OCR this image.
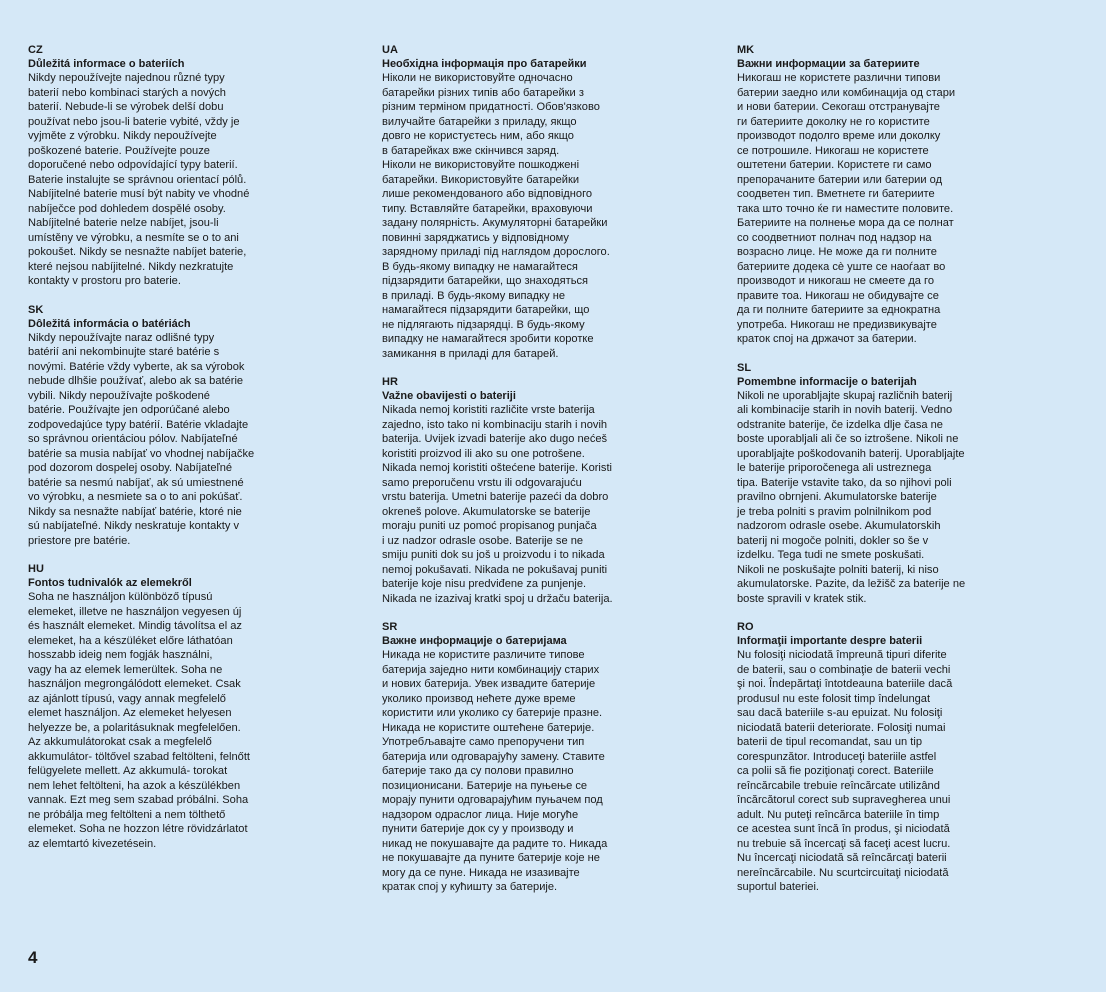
CZ

Důležitá informace o bateriích

Nikdy nepoužívejte najednou různé typy
baterií nebo kombinaci starých a nových
baterií. Nebude-li se výrobek delší dobu
používat nebo jsou-li baterie vybité, vždy je
vyjměte z výrobku. Nikdy nepoužívejte
poškozené baterie. Používejte pouze
doporučené nebo odpovídající typy baterií.
Baterie instalujte se správnou orientací pólů.
Nabíjitelné baterie musí být nabity ve vhodné
nabíječce pod dohledem dospělé osoby.
Nabíjitelné baterie nelze nabíjet, jsou-li
umístěny ve výrobku, a nesmíte se o to ani
pokoušet. Nikdy se nesnažte nabíjet baterie,
které nejsou nabíjitelné. Nikdy nezkratujte
kontakty v prostoru pro baterie.

SK

Dôležitá informácia o batériách

Nikdy nepoužívajte naraz odlišné typy
batérií ani nekombinujte staré batérie s
novými. Batérie vždy vyberte, ak sa výrobok
nebude dlhšie používať, alebo ak sa batérie
vybili. Nikdy nepoužívajte poškodené
batérie. Používajte jen odporúčané alebo
zodpovedajúce typy batérií. Batérie vkladajte
so správnou orientáciou pólov. Nabíjateľné
batérie sa musia nabíjať vo vhodnej nabíjačke
pod dozorom dospelej osoby. Nabíjateľné
batérie sa nesmú nabíjať, ak sú umiestnené
vo výrobku, a nesmiete sa o to ani pokúšať.
Nikdy sa nesnažte nabíjať batérie, ktoré nie
sú nabíjateľné. Nikdy neskratuje kontakty v
priestore pre batérie.

HU

Fontos tudnivalók az elemekről

Soha ne használjon különböző típusú
elemeket, illetve ne használjon vegyesen új
és használt elemeket. Mindig távolítsa el az
elemeket, ha a készüléket előre láthatóan
hosszabb ideig nem fogják használni,
vagy ha az elemek lemerültek. Soha ne
használjon megrongálódott elemeket. Csak
az ajánlott típusú, vagy annak megfelelő
elemet használjon. Az elemeket helyesen
helyezze be, a polaritásuknak megfelelően.
Az akkumulátorokat csak a megfelelő
akkumulátor- töltővel szabad feltölteni, felnőtt
felügyelete mellett. Az akkumulá- torokat
nem lehet feltölteni, ha azok a készülékben
vannak. Ezt meg sem szabad próbálni. Soha
ne próbálja meg feltölteni a nem tölthető
elemeket. Soha ne hozzon létre rövidzárlatot
az elemtartó kivezetésein.

UA

Необхідна інформація про батарейки

Ніколи не використовуйте одночасно
батарейки різних типів або батарейки з
різним терміном придатності. Обов'язково
вилучайте батарейки з приладу, якщо
довго не користуєтесь ним, або якщо
в батарейках вже скінчився заряд.
Ніколи не використовуйте пошкоджені
батарейки. Використовуйте батарейки
лише рекомендованого або відповідного
типу. Вставляйте батарейки, враховуючи
задану полярність. Акумуляторні батарейки
повинні заряджатись у відповідному
зарядному приладі під наглядом дорослого.
В будь-якому випадку не намагайтеся
підзарядити батарейки, що знаходяться
в приладі. В будь-якому випадку не
намагайтеся підзарядити батарейки, що
не підлягають підзарядці. В будь-якому
випадку не намагайтеся зробити коротке
замикання в приладі для батарей.

HR

Važne obavijesti o bateriji

Nikada nemoj koristiti različite vrste baterija
zajedno, isto tako ni kombinaciju starih i novih
baterija. Uvijek izvadi baterije ako dugo nećeš
koristiti proizvod ili ako su one potrošene.
Nikada nemoj koristiti oštećene baterije. Koristi
samo preporučenu vrstu ili odgovarajuću
vrstu baterija. Umetni baterije pazeći da dobro
okreneš polove. Akumulatorske se baterije
moraju puniti uz pomoć propisanog punjača
i uz nadzor odrasle osobe. Baterije se ne
smiju puniti dok su još u proizvodu i to nikada
nemoj pokušavati. Nikada ne pokušavaj puniti
baterije koje nisu predviđene za punjenje.
Nikada ne izazivaj kratki spoj u držaču baterija.

SR

Важне информације о батеријама

Никада не користите различите типове
батерија заједно нити комбинацију старих
и нових батерија. Увек извадите батерије
уколико производ нећете дуже време
користити или уколико су батерије празне.
Никада не користите оштећене батерије.
Употребљавајте само препоручени тип
батерија или одговарајућу замену. Ставите
батерије тако да су полови правилно
позиционисани. Батерије на пуњење се
морају пунити одговарајућим пуњачем под
надзором одраслог лица. Није могуће
пунити батерије док су у производу и
никад не покушавајте да радите то. Никада
не покушавајте да пуните батерије које не
могу да се пуне. Никада не изазивајте
кратак спој у кућишту за батерије.

MK

Важни информации за батериите

Никогаш не користете различни типови
батерии заедно или комбинација од стари
и нови батерии. Секогаш отстранувајте
ги батериите доколку не го користите
производот подолго време или доколку
се потрошиле. Никогаш не користете
оштетени батерии. Користете ги само
препорачаните батерии или батерии од
соодветен тип. Вметнете ги батериите
така што точно ќе ги наместите половите.
Батериите на полнење мора да се полнат
со соодветниот полнач под надзор на
возрасно лице. Не може да ги полните
батериите додека сè уште се наоѓаат во
производот и никогаш не смеете да го
правите тоа. Никогаш не обидувајте се
да ги полните батериите за еднократна
употреба. Никогаш не предизвикувајте
краток спој на држачот за батерии.

SL

Pomembne informacije o baterijah

Nikoli ne uporabljajte skupaj različnih baterij
ali kombinacije starih in novih baterij. Vedno
odstranite baterije, če izdelka dlje časa ne
boste uporabljali ali če so iztrošene. Nikoli ne
uporabljajte poškodovanih baterij. Uporabljajte
le baterije priporočenega ali ustreznega
tipa. Baterije vstavite tako, da so njihovi poli
pravilno obrnjeni. Akumulatorske baterije
je treba polniti s pravim polnilnikom pod
nadzorom odrasle osebe. Akumulatorskih
baterij ni mogoče polniti, dokler so še v
izdelku. Tega tudi ne smete poskušati.
Nikoli ne poskušajte polniti baterij, ki niso
akumulatorske. Pazite, da ležišč za baterije ne
boste spravili v kratek stik.

RO

Informaţii importante despre baterii

Nu folosiţi niciodată împreună tipuri diferite
de baterii, sau o combinaţie de baterii vechi
şi noi. Îndepărtaţi întotdeauna bateriile dacă
produsul nu este folosit timp îndelungat
sau dacă bateriile s-au epuizat. Nu folosiţi
niciodată baterii deteriorate. Folosiţi numai
baterii de tipul recomandat, sau un tip
corespunzător. Introduceţi bateriile astfel
ca polii să fie poziţionaţi corect. Bateriile
reîncărcabile trebuie reîncărcate utilizând
încărcătorul corect sub supravegherea unui
adult. Nu puteţi reîncărca bateriile în timp
ce acestea sunt încă în produs, şi niciodată
nu trebuie să încercaţi să faceţi acest lucru.
Nu încercaţi niciodată să reîncărcaţi baterii
nereîncărcabile. Nu scurtcircuitaţi niciodată
suportul bateriei.
4
